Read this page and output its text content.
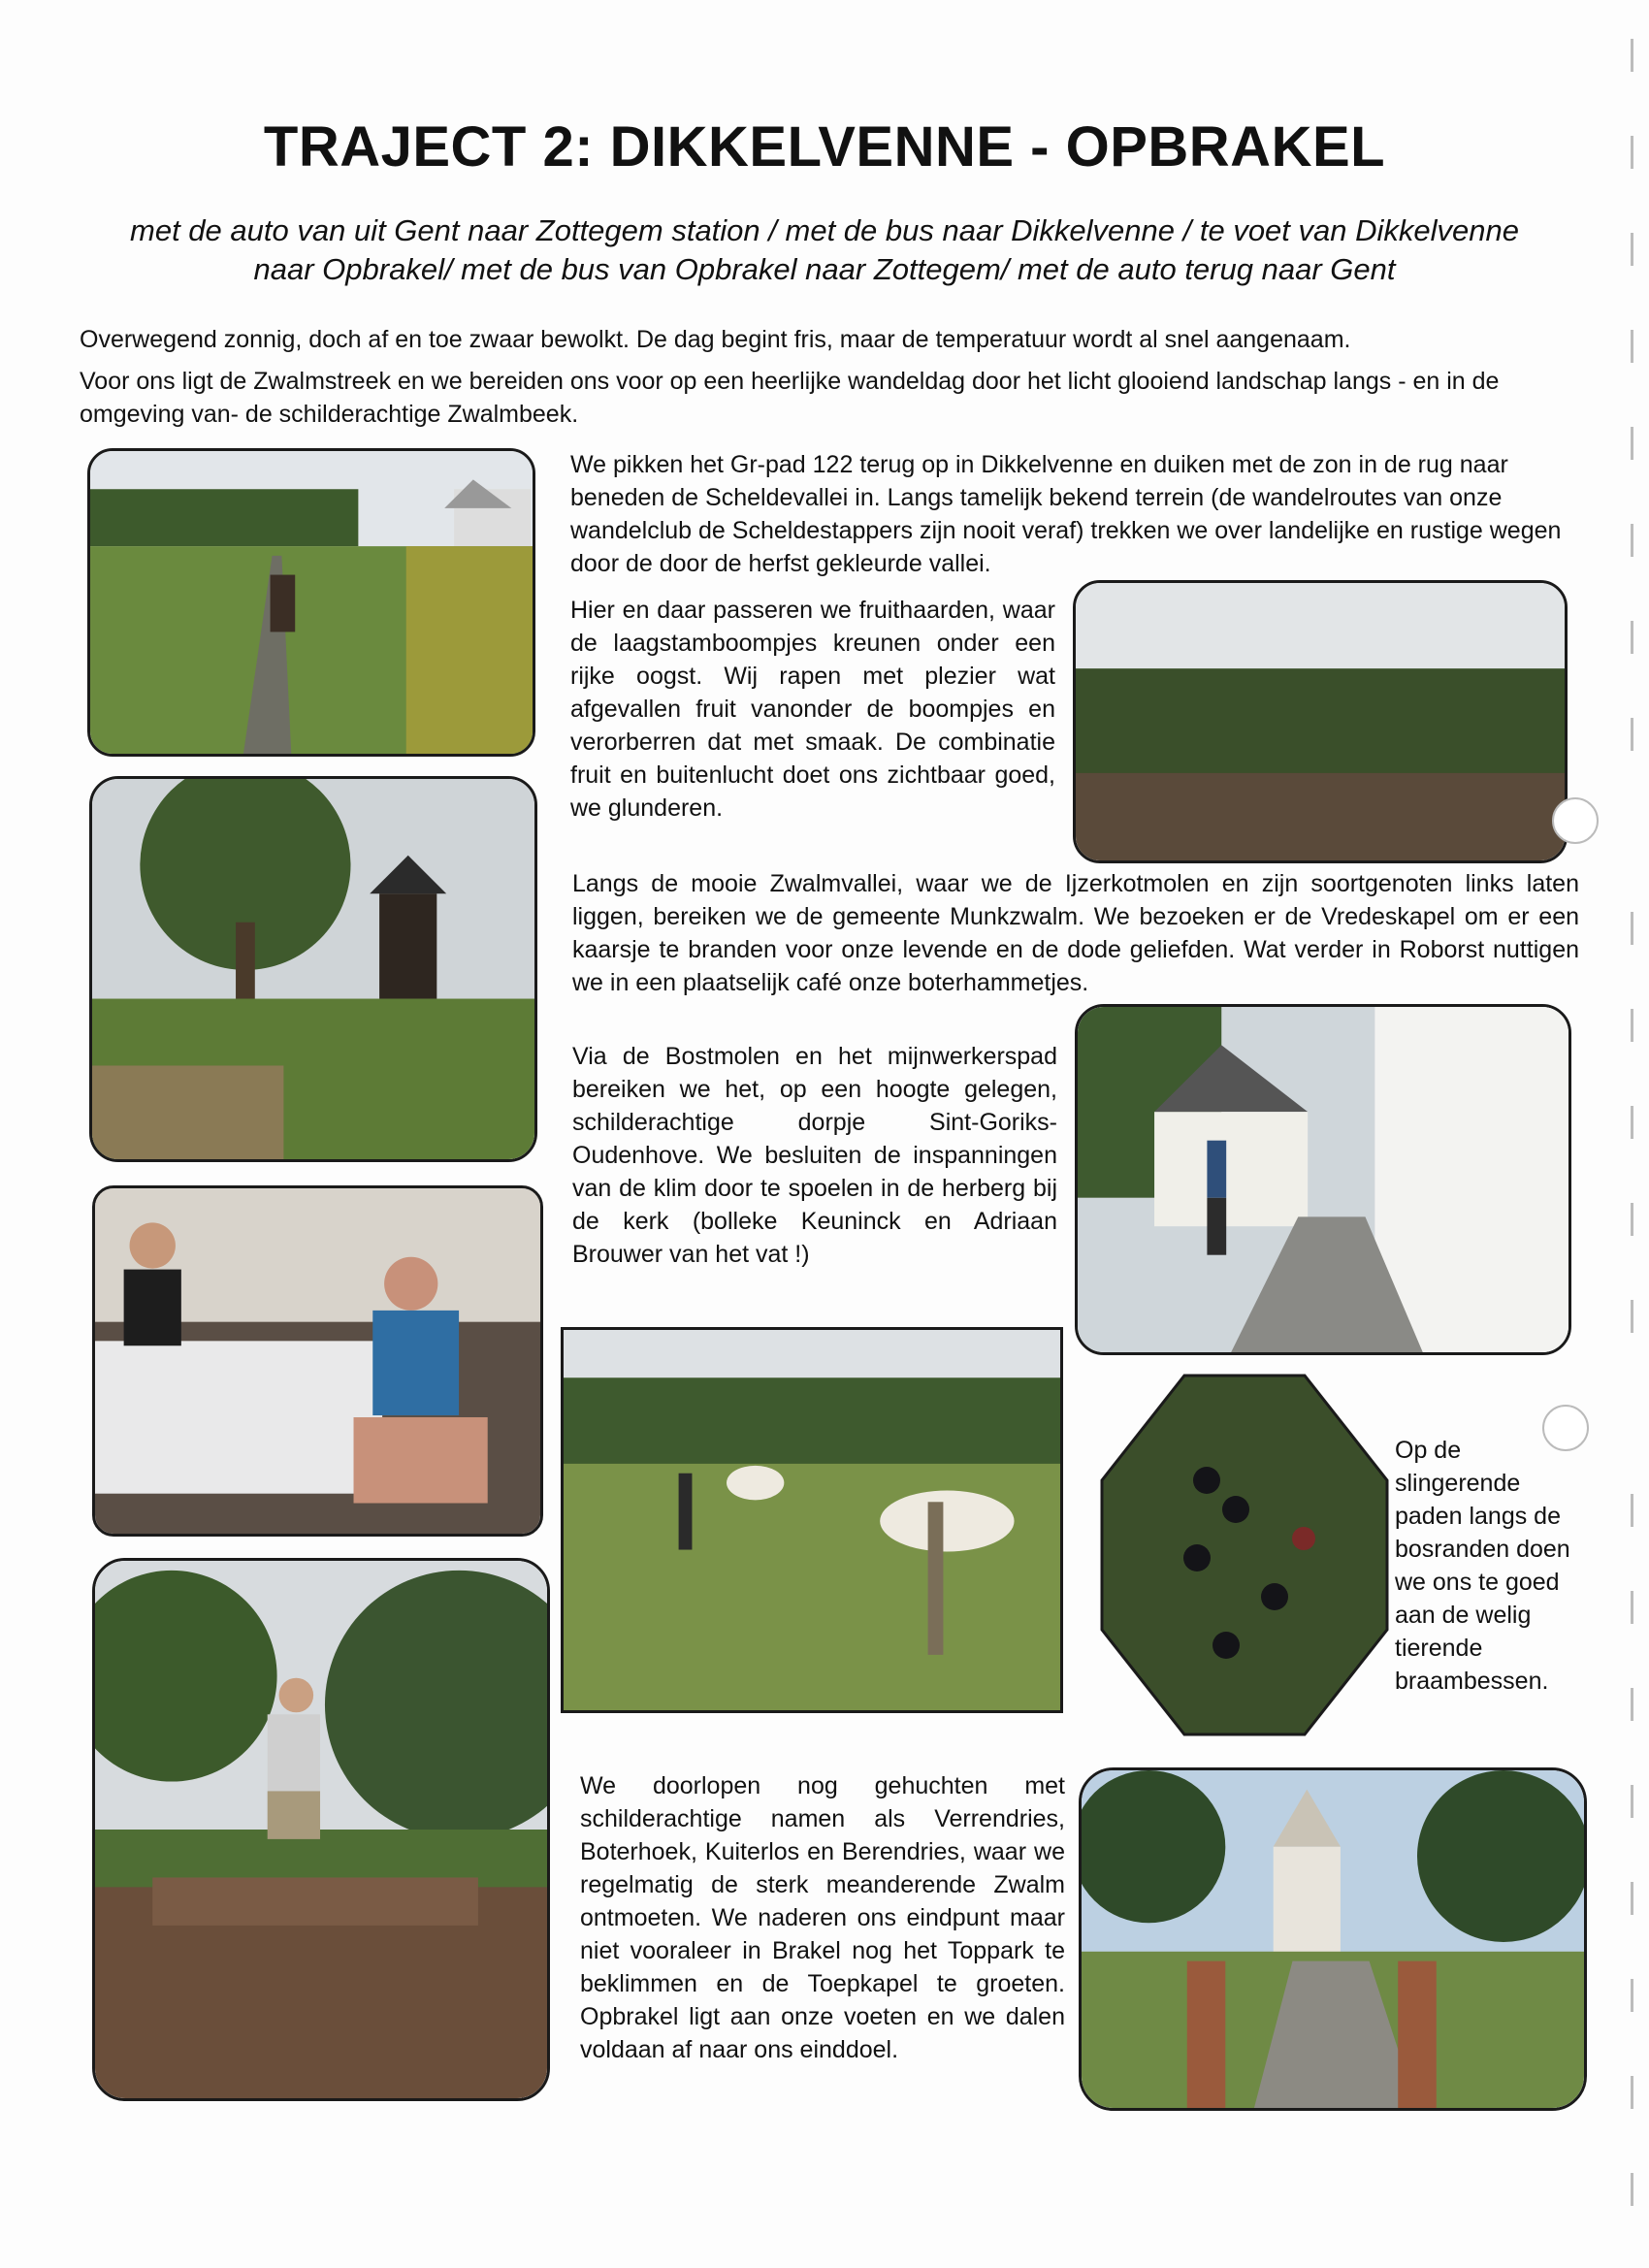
TRAJECT 2: DIKKELVENNE - OPBRAKEL
met de auto van uit Gent naar Zottegem station / met de bus naar Dikkelvenne / te voet van Dikkelvenne naar Opbrakel/ met de bus van Opbrakel naar Zottegem/ met de auto terug naar Gent
Overwegend zonnig, doch af en toe zwaar bewolkt. De dag begint fris, maar de temperatuur wordt al snel aangenaam.
Voor ons ligt de Zwalmstreek en we bereiden ons voor op een heerlijke wandeldag door het licht glooiend landschap langs - en in de omgeving van- de schilderachtige Zwalmbeek.
We pikken het Gr-pad 122 terug op in Dikkelvenne en duiken met de zon in de rug naar beneden de Scheldevallei in. Langs tamelijk bekend terrein (de wandelroutes van onze wandelclub de Scheldestappers zijn nooit veraf) trekken we over landelijke en rustige wegen door de door de herfst gekleurde vallei.
Hier en daar passeren we fruithaarden, waar de laagstamboompjes kreunen onder een rijke oogst. Wij rapen met plezier wat afgevallen fruit vanonder de boompjes en verorberren dat met smaak. De combinatie fruit en buitenlucht doet ons zichtbaar goed, we glunderen.
Langs de mooie Zwalmvallei, waar we de Ijzerkotmolen en zijn soortgenoten links laten liggen, bereiken we de gemeente Munkzwalm. We bezoeken er de Vredeskapel om er een kaarsje te branden voor onze levende en de dode geliefden. Wat verder in Roborst nuttigen we in een plaatselijk café onze boterhammetjes.
Via de Bostmolen en het mijnwerkerspad bereiken we het, op een hoogte gelegen, schilderachtige dorpje Sint-Goriks-Oudenhove. We besluiten de inspanningen van de klim door te spoelen in de herberg bij de kerk (bolleke Keuninck en Adriaan Brouwer van het vat !)
Op de slingerende paden langs de bosranden doen we ons te goed aan de welig tierende braambessen.
We doorlopen nog gehuchten met schilderachtige namen als Verrendries, Boterhoek, Kuiterlos en Berendries, waar we regelmatig de sterk meanderende Zwalm ontmoeten. We naderen ons eindpunt maar niet vooraleer in Brakel nog het Toppark te beklimmen en de Toepkapel te groeten. Opbrakel ligt aan onze voeten en we dalen voldaan af naar ons einddoel.
